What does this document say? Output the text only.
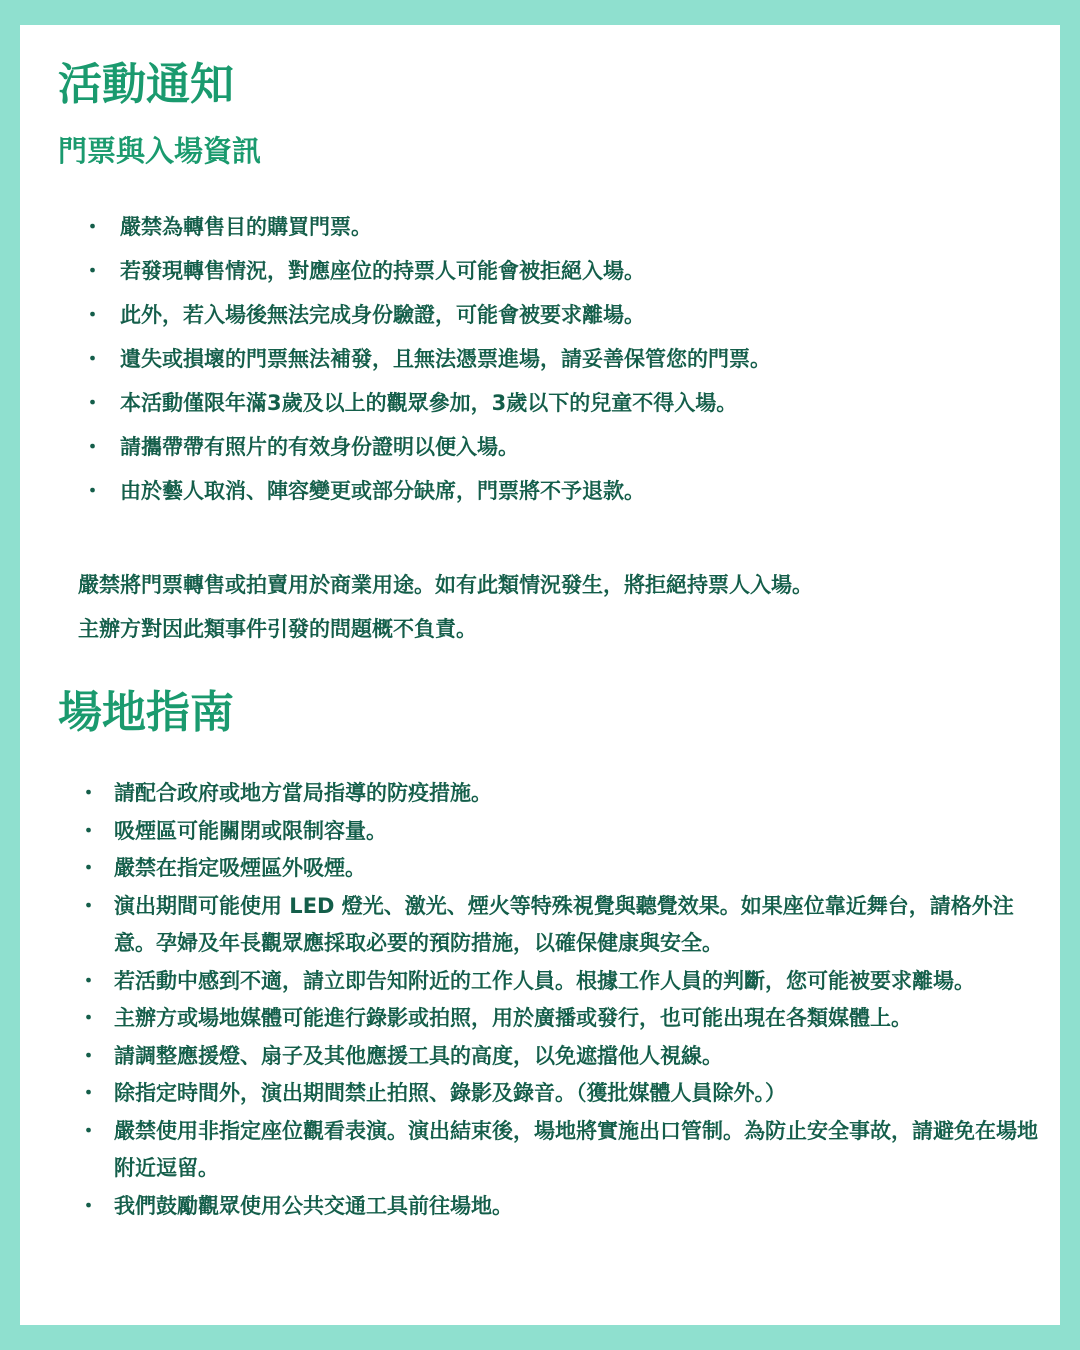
活動通知
門票與入場資訊
・ 嚴禁為轉售目的購買門票。
・ 若發現轉售情況，對應座位的持票人可能會被拒絕入場。
・ 此外，若入場後無法完成身份驗證，可能會被要求離場。
・ 遺失或損壞的門票無法補發，且無法憑票進場，請妥善保管您的門票。
・ 本活動僅限年滿3歲及以上的觀眾參加，3歲以下的兒童不得入場。
・ 請攜帶帶有照片的有效身份證明以便入場。
・ 由於藝人取消、陣容變更或部分缺席，門票將不予退款。

嚴禁將門票轉售或拍賣用於商業用途。如有此類情況發生，將拒絕持票人入場。

主辦方對因此類事件引發的問題概不負責。

場地指南
・ 請配合政府或地方當局指導的防疫措施。
・ 吸煙區可能關閉或限制容量。
・ 嚴禁在指定吸煙區外吸煙。
・ 演出期間可能使用 LED 燈光、激光、煙火等特殊視覺與聽覺效果。如果座位靠近舞台，請格外注意。孕婦及年長觀眾應採取必要的預防措施，以確保健康與安全。
・ 若活動中感到不適，請立即告知附近的工作人員。根據工作人員的判斷，您可能被要求離場。
・ 主辦方或場地媒體可能進行錄影或拍照，用於廣播或發行，也可能出現在各類媒體上。
・ 請調整應援燈、扇子及其他應援工具的高度，以免遮擋他人視線。
・ 除指定時間外，演出期間禁止拍照、錄影及錄音。（獲批媒體人員除外。）
・ 嚴禁使用非指定座位觀看表演。演出結束後，場地將實施出口管制。為防止安全事故，請避免在場地附近逗留。
・ 我們鼓勵觀眾使用公共交通工具前往場地。
